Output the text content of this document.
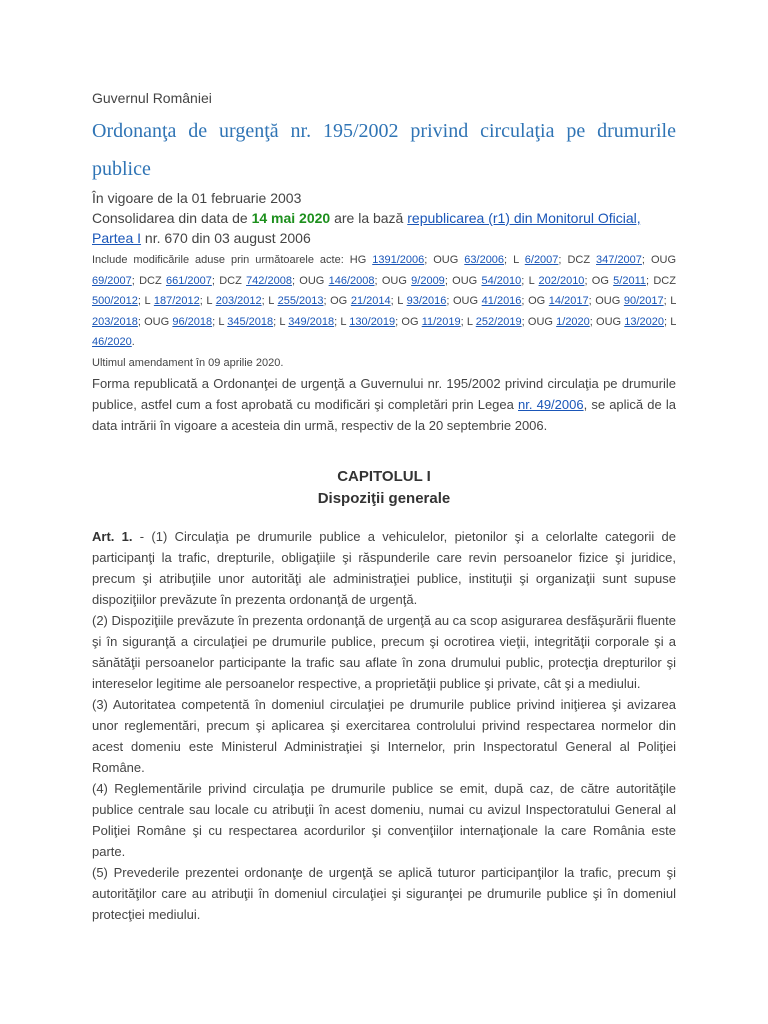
Guvernul României

Ordonanţa de urgenţă nr. 195/2002 privind circulaţia pe drumurile publice

În vigoare de la 01 februarie 2003

Consolidarea din data de 14 mai 2020 are la bază republicarea (r1) din Monitorul Oficial, Partea I nr. 670 din 03 august 2006

Include modificările aduse prin următoarele acte: HG 1391/2006; OUG 63/2006; L 6/2007; DCZ 347/2007; OUG 69/2007; DCZ 661/2007; DCZ 742/2008; OUG 146/2008; OUG 9/2009; OUG 54/2010; L 202/2010; OG 5/2011; DCZ 500/2012; L 187/2012; L 203/2012; L 255/2013; OG 21/2014; L 93/2016; OUG 41/2016; OG 14/2017; OUG 90/2017; L 203/2018; OUG 96/2018; L 345/2018; L 349/2018; L 130/2019; OG 11/2019; L 252/2019; OUG 1/2020; OUG 13/2020; L 46/2020.

Ultimul amendament în 09 aprilie 2020.

Forma republicată a Ordonanţei de urgenţă a Guvernului nr. 195/2002 privind circulaţia pe drumurile publice, astfel cum a fost aprobată cu modificări şi completări prin Legea nr. 49/2006, se aplică de la data intrării în vigoare a acesteia din urmă, respectiv de la 20 septembrie 2006.

CAPITOLUL I
Dispoziţii generale

Art. 1. - (1) Circulaţia pe drumurile publice a vehiculelor, pietonilor şi a celorlalte categorii de participanţi la trafic, drepturile, obligaţiile şi răspunderile care revin persoanelor fizice şi juridice, precum şi atribuţiile unor autorităţi ale administraţiei publice, instituţii şi organizaţii sunt supuse dispoziţiilor prevăzute în prezenta ordonanţă de urgenţă.

(2) Dispoziţiile prevăzute în prezenta ordonanţă de urgenţă au ca scop asigurarea desfăşurării fluente şi în siguranţă a circulaţiei pe drumurile publice, precum şi ocrotirea vieţii, integrităţii corporale şi a sănătăţii persoanelor participante la trafic sau aflate în zona drumului public, protecţia drepturilor şi intereselor legitime ale persoanelor respective, a proprietăţii publice şi private, cât şi a mediului.

(3) Autoritatea competentă în domeniul circulaţiei pe drumurile publice privind iniţierea şi avizarea unor reglementări, precum şi aplicarea şi exercitarea controlului privind respectarea normelor din acest domeniu este Ministerul Administraţiei şi Internelor, prin Inspectoratul General al Poliţiei Române.

(4) Reglementările privind circulaţia pe drumurile publice se emit, după caz, de către autorităţile publice centrale sau locale cu atribuţii în acest domeniu, numai cu avizul Inspectoratului General al Poliţiei Române şi cu respectarea acordurilor şi convenţiilor internaţionale la care România este parte.

(5) Prevederile prezentei ordonanţe de urgenţă se aplică tuturor participanţilor la trafic, precum şi autorităţilor care au atribuţii în domeniul circulaţiei şi siguranţei pe drumurile publice şi în domeniul protecţiei mediului.
